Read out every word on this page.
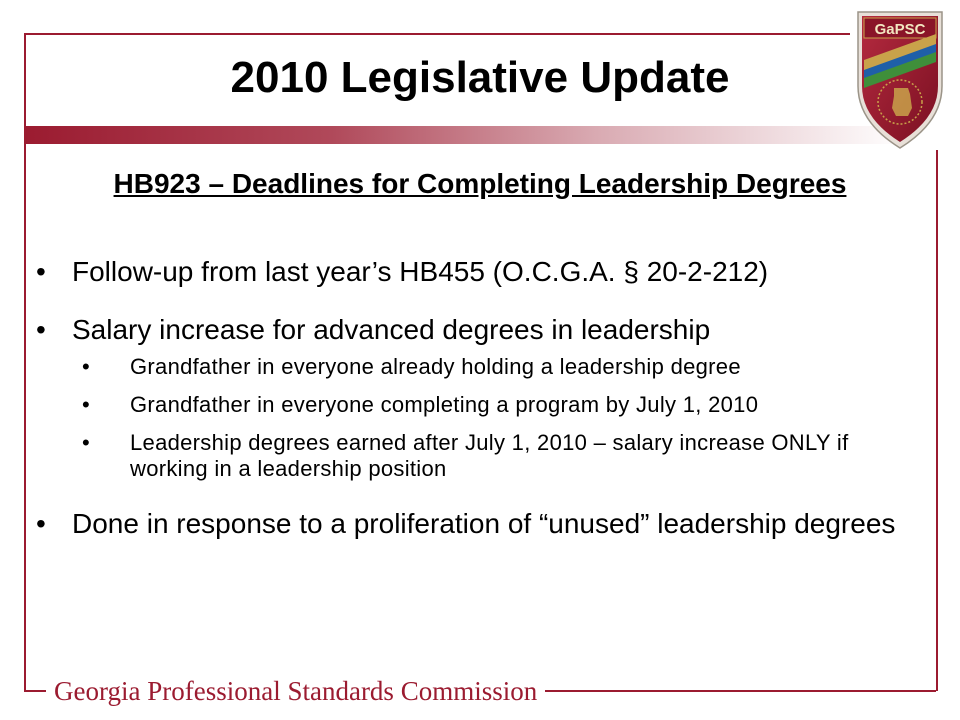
2010 Legislative Update
GaPSC
HB923 – Deadlines for Completing Leadership Degrees
• Follow-up from last year’s HB455 (O.C.G.A. § 20-2-212)
• Salary increase for advanced degrees in leadership
• Grandfather in everyone already holding a leadership degree
• Grandfather in everyone completing a program by July 1, 2010
• Leadership degrees earned after July 1, 2010 – salary increase ONLY if working in a leadership position
• Done in response to a proliferation of “unused” leadership degrees
Georgia Professional Standards Commission
